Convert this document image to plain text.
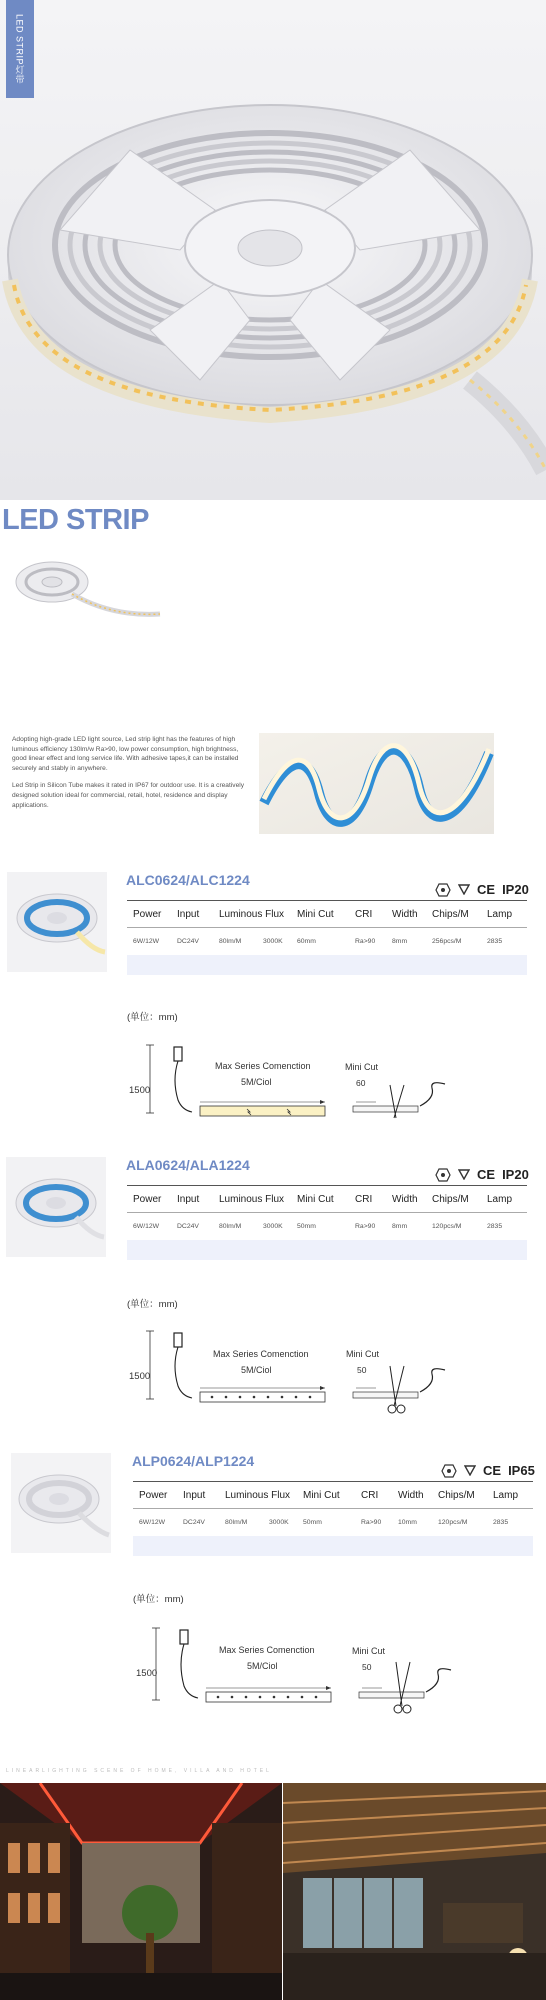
LED STRIP灯带
LED STRIP

Adopting high-grade LED light source, Led strip light has the features of high luminous efficiency 130lm/w Ra>90, low power consumption, high brightness, good linear effect and long service life. With adhesive tapes,it can be installed securely and stably in anywhere.

Led Strip in Silicon Tube makes it rated in IP67 for outdoor use. It is a creatively designed solution ideal for commercial, retail, hotel, residence and display applications.

ALC0624/ALC1224
CE IP20
Power	Input	Luminous Flux	Mini Cut	CRI	Width	Chips/M	Lamp
6W/12W	DC24V	80lm/M	3000K	60mm	Ra>90	8mm	256pcs/M	2835
(单位：mm)
1500
Max Series Comenction
5M/Ciol
Mini Cut
60
ALA0624/ALA1224
CE IP20
Power	Input	Luminous Flux	Mini Cut	CRI	Width	Chips/M	Lamp
6W/12W	DC24V	80lm/M	3000K	50mm	Ra>90	8mm	120pcs/M	2835
(单位：mm)
1500
Max Series Comenction
5M/Ciol
Mini Cut
50
ALP0624/ALP1224
CE IP65
Power	Input	Luminous Flux	Mini Cut	CRI	Width	Chips/M	Lamp
6W/12W	DC24V	80lm/M	3000K	50mm	Ra>90	10mm	120pcs/M	2835
(单位：mm)
1500
Max Series Comenction
5M/Ciol
Mini Cut
50
LINEARLIGHTING SCENE OF HOME, VILLA AND HOTEL
